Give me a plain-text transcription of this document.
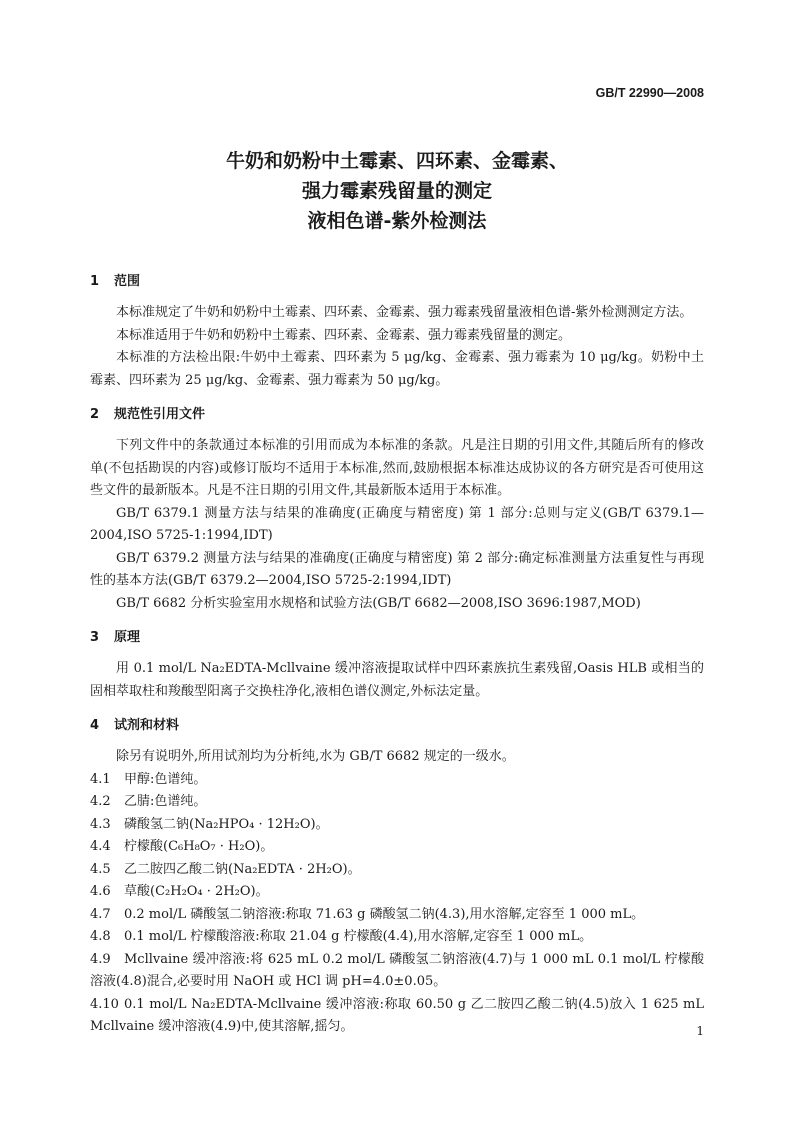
GB/T 22990—2008
牛奶和奶粉中土霉素、四环素、金霉素、
强力霉素残留量的测定
液相色谱-紫外检测法
1 范围

本标准规定了牛奶和奶粉中土霉素、四环素、金霉素、强力霉素残留量液相色谱-紫外检测测定方法。

本标准适用于牛奶和奶粉中土霉素、四环素、金霉素、强力霉素残留量的测定。

本标准的方法检出限:牛奶中土霉素、四环素为 5 μg/kg、金霉素、强力霉素为 10 μg/kg。奶粉中土霉素、四环素为 25 μg/kg、金霉素、强力霉素为 50 μg/kg。

2 规范性引用文件

下列文件中的条款通过本标准的引用而成为本标准的条款。凡是注日期的引用文件,其随后所有的修改单(不包括勘误的内容)或修订版均不适用于本标准,然而,鼓励根据本标准达成协议的各方研究是否可使用这些文件的最新版本。凡是不注日期的引用文件,其最新版本适用于本标准。

GB/T 6379.1 测量方法与结果的准确度(正确度与精密度) 第 1 部分:总则与定义(GB/T 6379.1—2004,ISO 5725-1:1994,IDT)

GB/T 6379.2 测量方法与结果的准确度(正确度与精密度) 第 2 部分:确定标准测量方法重复性与再现性的基本方法(GB/T 6379.2—2004,ISO 5725-2:1994,IDT)

GB/T 6682 分析实验室用水规格和试验方法(GB/T 6682—2008,ISO 3696:1987,MOD)

3 原理

用 0.1 mol/L Na₂EDTA-Mcllvaine 缓冲溶液提取试样中四环素族抗生素残留,Oasis HLB 或相当的固相萃取柱和羧酸型阳离子交换柱净化,液相色谱仪测定,外标法定量。

4 试剂和材料

除另有说明外,所用试剂均为分析纯,水为 GB/T 6682 规定的一级水。

4.1 甲醇:色谱纯。

4.2 乙腈:色谱纯。

4.3 磷酸氢二钠(Na₂HPO₄ · 12H₂O)。

4.4 柠檬酸(C₆H₈O₇ · H₂O)。

4.5 乙二胺四乙酸二钠(Na₂EDTA · 2H₂O)。

4.6 草酸(C₂H₂O₄ · 2H₂O)。

4.7 0.2 mol/L 磷酸氢二钠溶液:称取 71.63 g 磷酸氢二钠(4.3),用水溶解,定容至 1 000 mL。

4.8 0.1 mol/L 柠檬酸溶液:称取 21.04 g 柠檬酸(4.4),用水溶解,定容至 1 000 mL。

4.9 Mcllvaine 缓冲溶液:将 625 mL 0.2 mol/L 磷酸氢二钠溶液(4.7)与 1 000 mL 0.1 mol/L 柠檬酸溶液(4.8)混合,必要时用 NaOH 或 HCl 调 pH=4.0±0.05。

4.10 0.1 mol/L Na₂EDTA-Mcllvaine 缓冲溶液:称取 60.50 g 乙二胺四乙酸二钠(4.5)放入 1 625 mL Mcllvaine 缓冲溶液(4.9)中,使其溶解,摇匀。	1
